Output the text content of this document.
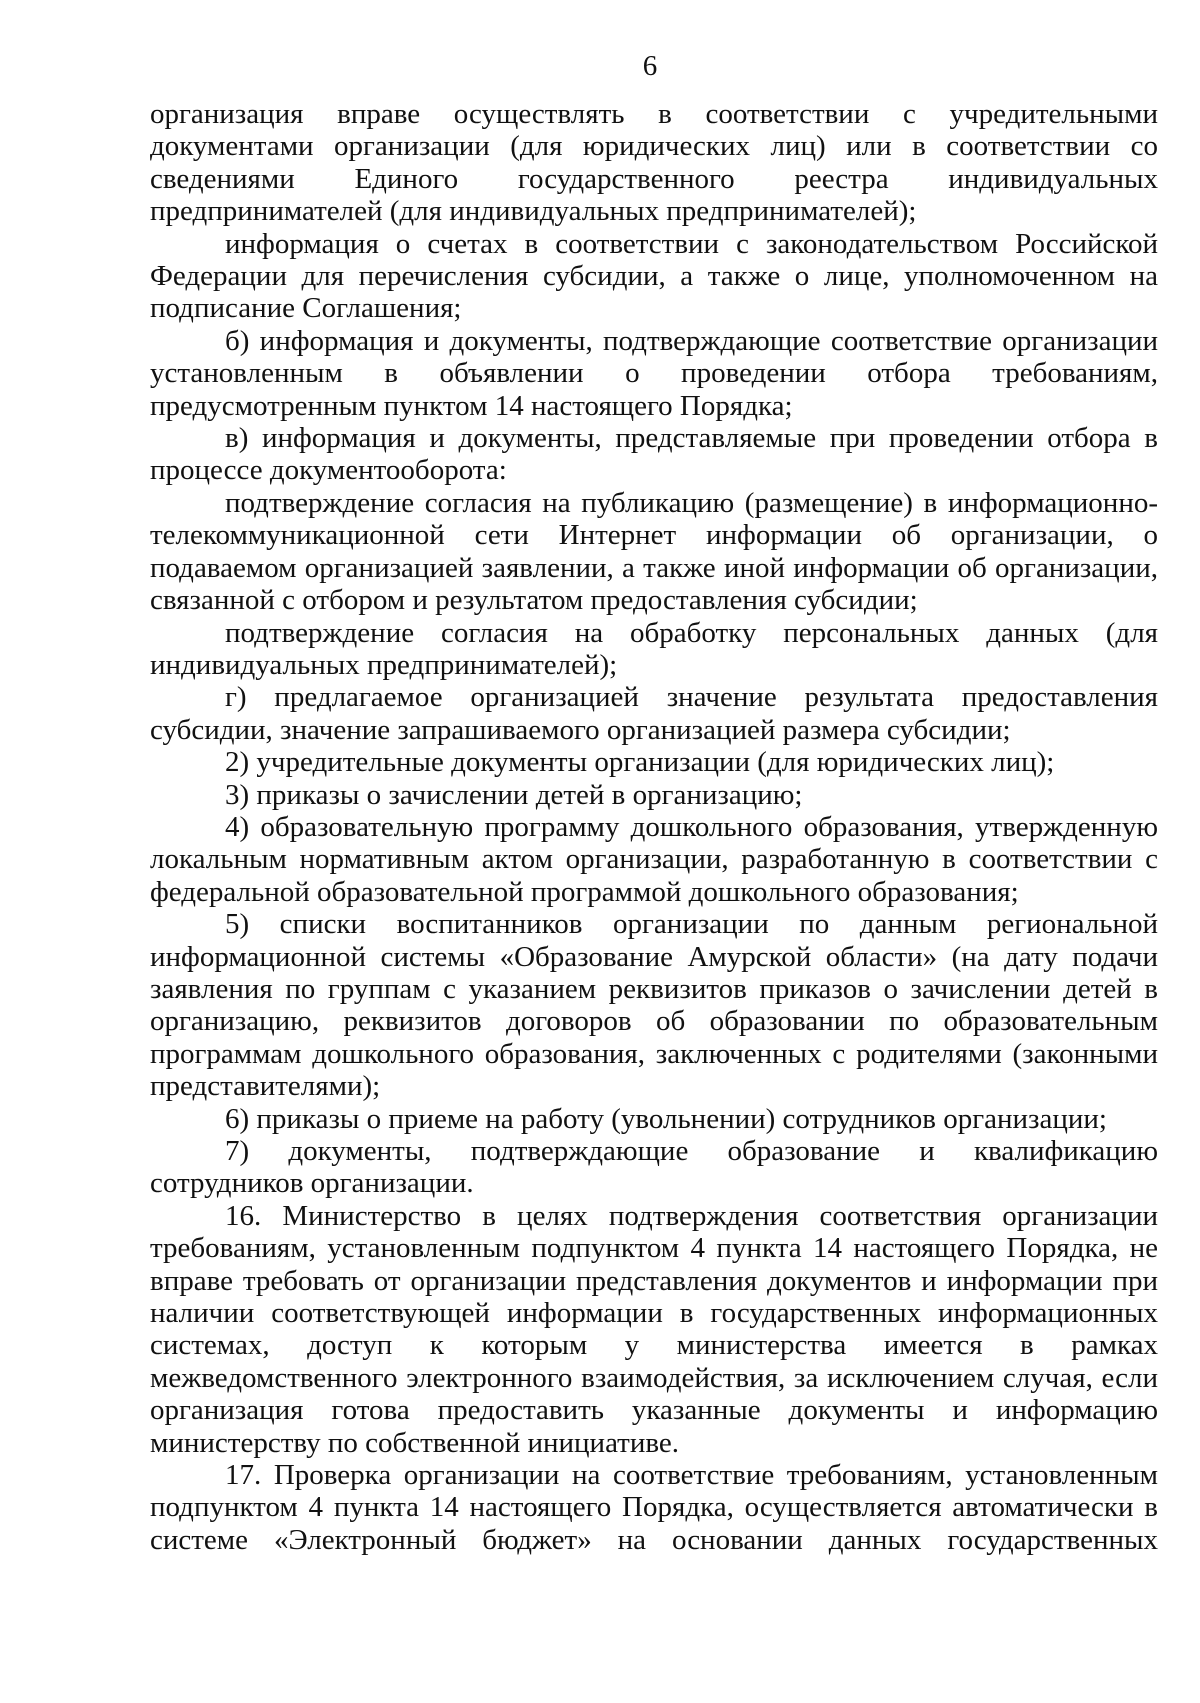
6

организация вправе осуществлять в соответствии с учредительными документами организации (для юридических лиц) или в соответствии со сведениями Единого государственного реестра индивидуальных предпринимателей (для индивидуальных предпринимателей);

информация о счетах в соответствии с законодательством Российской Федерации для перечисления субсидии, а также о лице, уполномоченном на подписание Соглашения;

б) информация и документы, подтверждающие соответствие организации установленным в объявлении о проведении отбора требованиям, предусмотренным пунктом 14 настоящего Порядка;

в) информация и документы, представляемые при проведении отбора в процессе документооборота:

подтверждение согласия на публикацию (размещение) в информационно-телекоммуникационной сети Интернет информации об организации, о подаваемом организацией заявлении, а также иной информации об организации, связанной с отбором и результатом предоставления субсидии;

подтверждение согласия на обработку персональных данных (для индивидуальных предпринимателей);

г) предлагаемое организацией значение результата предоставления субсидии, значение запрашиваемого организацией размера субсидии;

2) учредительные документы организации (для юридических лиц);

3) приказы о зачислении детей в организацию;

4) образовательную программу дошкольного образования, утвержденную локальным нормативным актом организации, разработанную в соответствии с федеральной образовательной программой дошкольного образования;

5) списки воспитанников организации по данным региональной информационной системы «Образование Амурской области» (на дату подачи заявления по группам с указанием реквизитов приказов о зачислении детей в организацию, реквизитов договоров об образовании по образовательным программам дошкольного образования, заключенных с родителями (законными представителями);

6) приказы о приеме на работу (увольнении) сотрудников организации;

7) документы, подтверждающие образование и квалификацию сотрудников организации.

16. Министерство в целях подтверждения соответствия организации требованиям, установленным подпунктом 4 пункта 14 настоящего Порядка, не вправе требовать от организации представления документов и информации при наличии соответствующей информации в государственных информационных системах, доступ к которым у министерства имеется в рамках межведомственного электронного взаимодействия, за исключением случая, если организация готова предоставить указанные документы и информацию министерству по собственной инициативе.

17. Проверка организации на соответствие требованиям, установленным подпунктом 4 пункта 14 настоящего Порядка, осуществляется автоматически в системе «Электронный бюджет» на основании данных государственных
